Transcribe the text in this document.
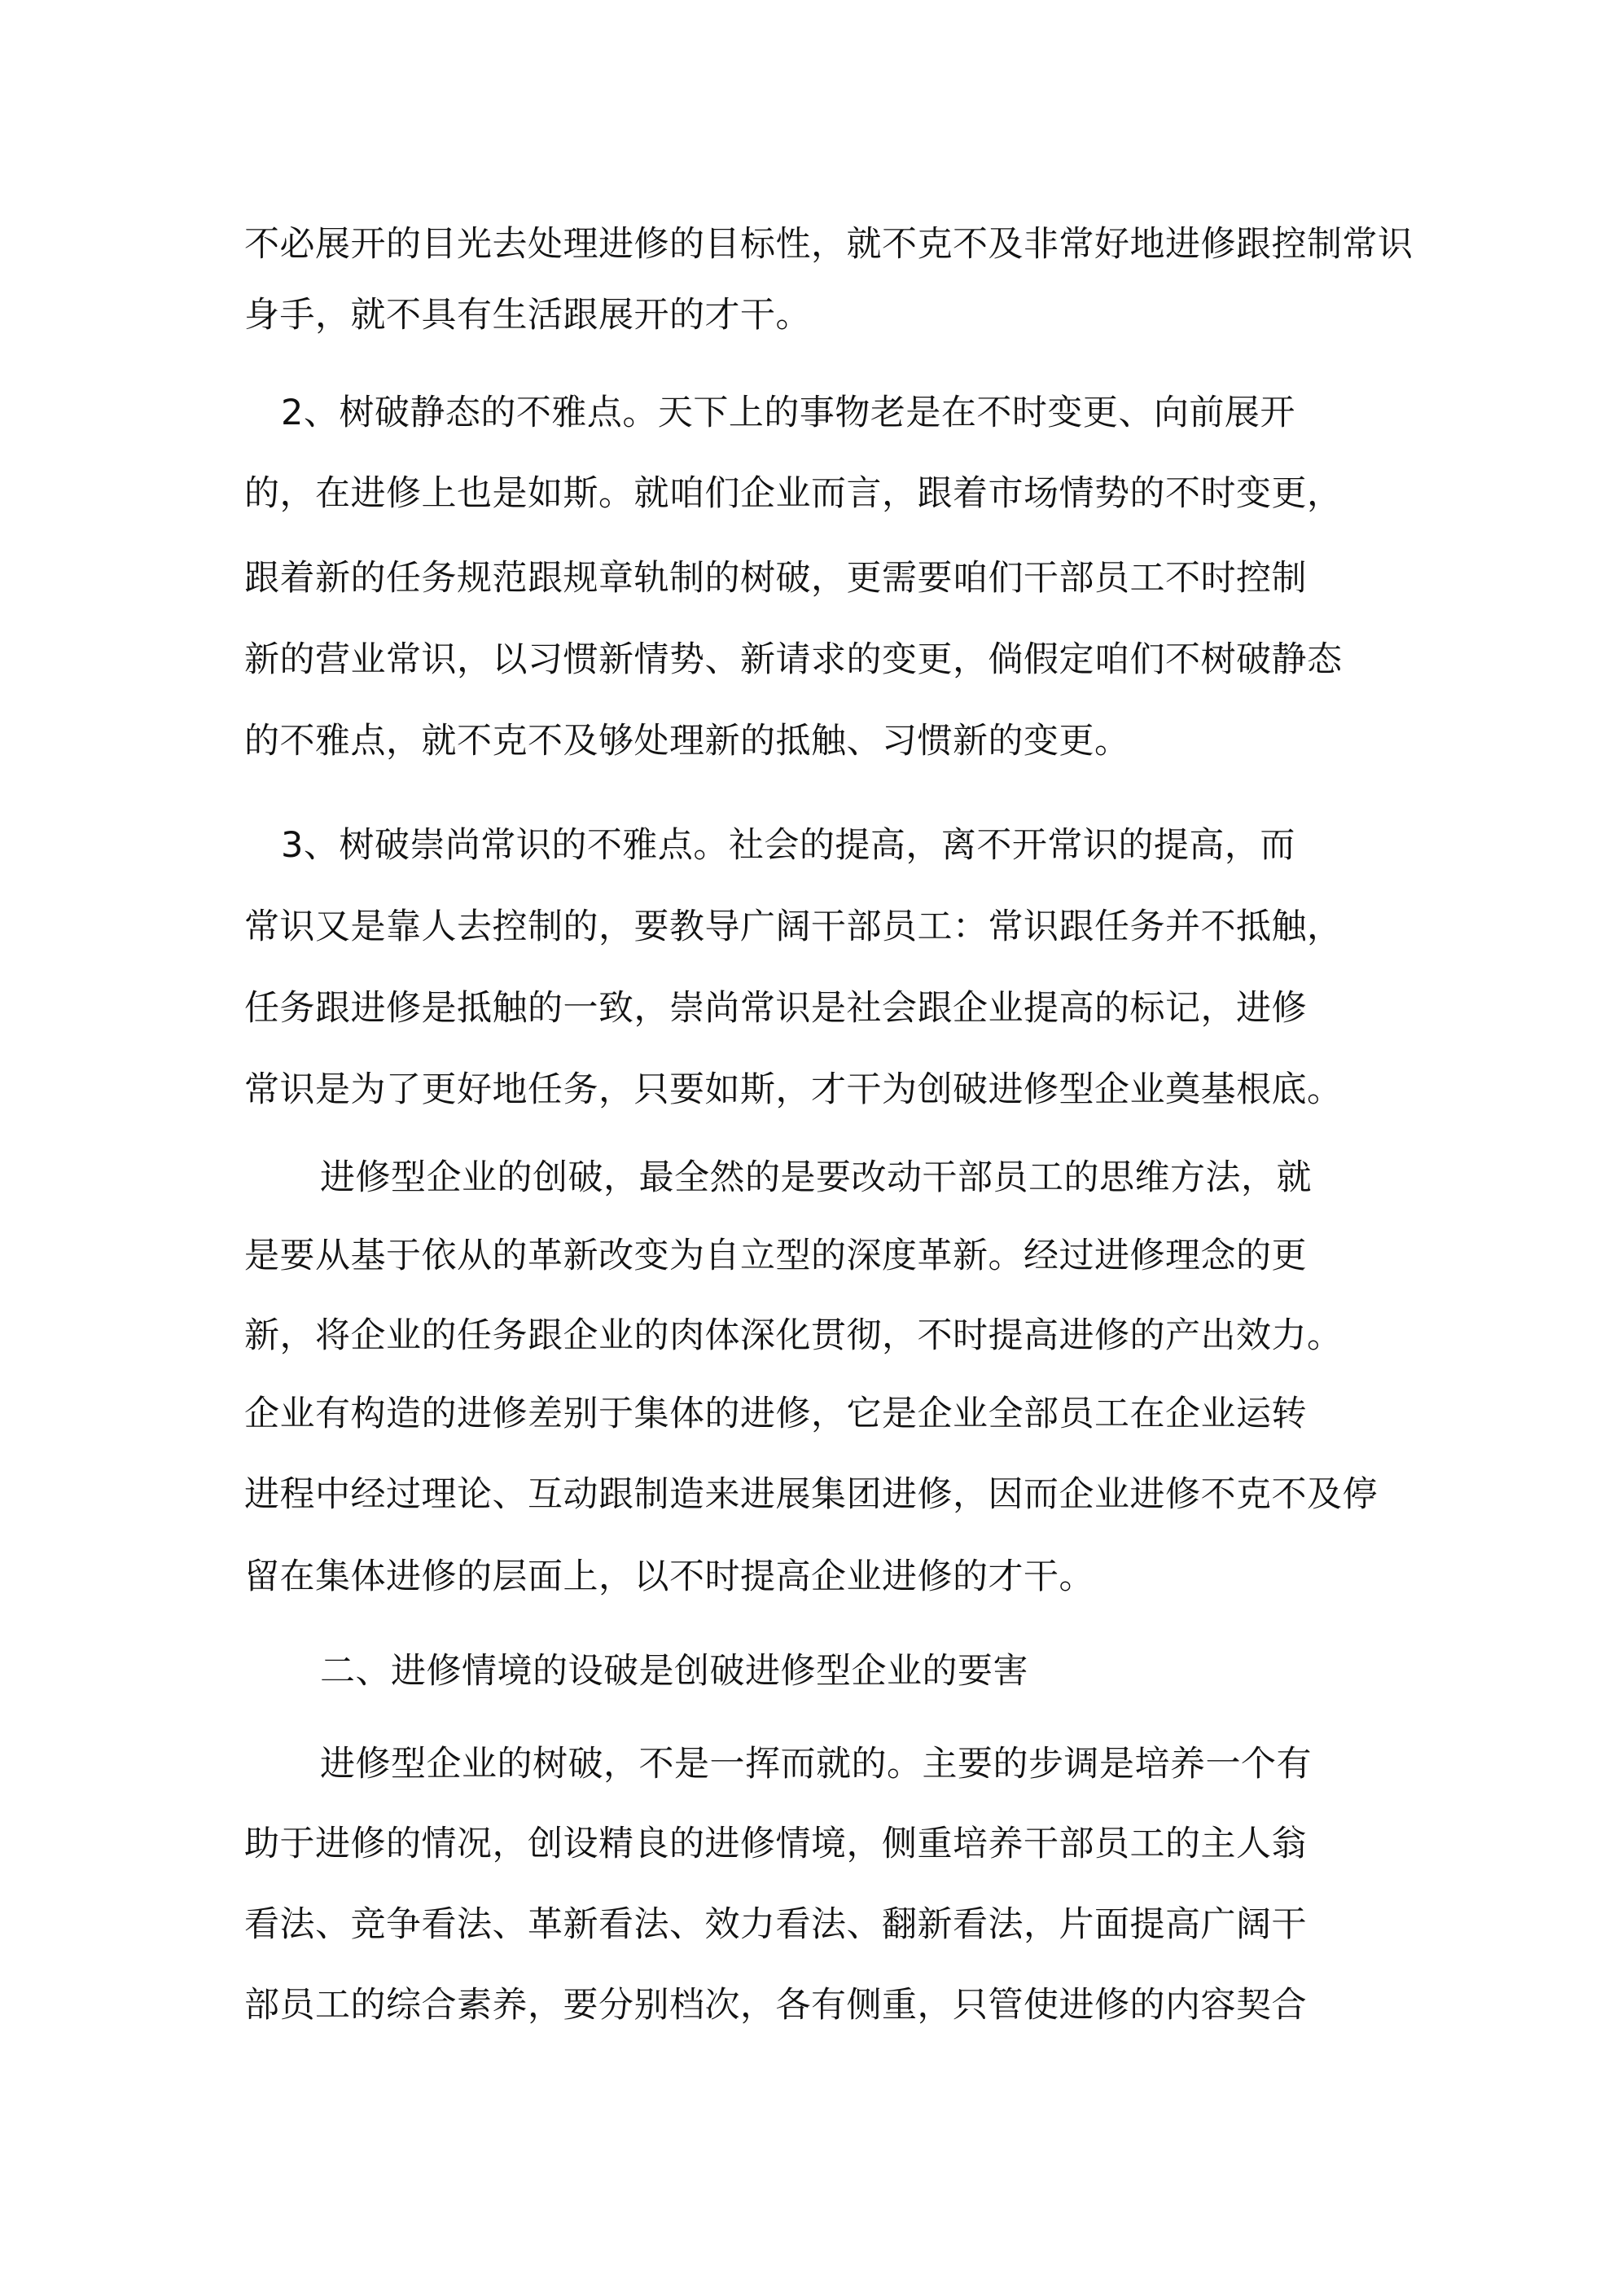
不必展开的目光去处理进修的目标性，就不克不及非常好地进修跟控制常识

身手，就不具有生活跟展开的才干。

2、树破静态的不雅点。天下上的事物老是在不时变更、向前展开

的，在进修上也是如斯。就咱们企业而言，跟着市场情势的不时变更，

跟着新的任务规范跟规章轨制的树破，更需要咱们干部员工不时控制

新的营业常识，以习惯新情势、新请求的变更，倘假定咱们不树破静态

的不雅点，就不克不及够处理新的抵触、习惯新的变更。

3、树破崇尚常识的不雅点。社会的提高，离不开常识的提高，而

常识又是靠人去控制的，要教导广阔干部员工：常识跟任务并不抵触，

任务跟进修是抵触的一致，崇尚常识是社会跟企业提高的标记，进修

常识是为了更好地任务，只要如斯，才干为创破进修型企业奠基根底。

进修型企业的创破，最全然的是要改动干部员工的思维方法，就

是要从基于依从的革新改变为自立型的深度革新。经过进修理念的更

新，将企业的任务跟企业的肉体深化贯彻，不时提高进修的产出效力。

企业有构造的进修差别于集体的进修，它是企业全部员工在企业运转

进程中经过理论、互动跟制造来进展集团进修，因而企业进修不克不及停

留在集体进修的层面上，以不时提高企业进修的才干。

二、进修情境的设破是创破进修型企业的要害

进修型企业的树破，不是一挥而就的。主要的步调是培养一个有

助于进修的情况，创设精良的进修情境，侧重培养干部员工的主人翁

看法、竞争看法、革新看法、效力看法、翻新看法，片面提高广阔干

部员工的综合素养，要分别档次，各有侧重，只管使进修的内容契合
